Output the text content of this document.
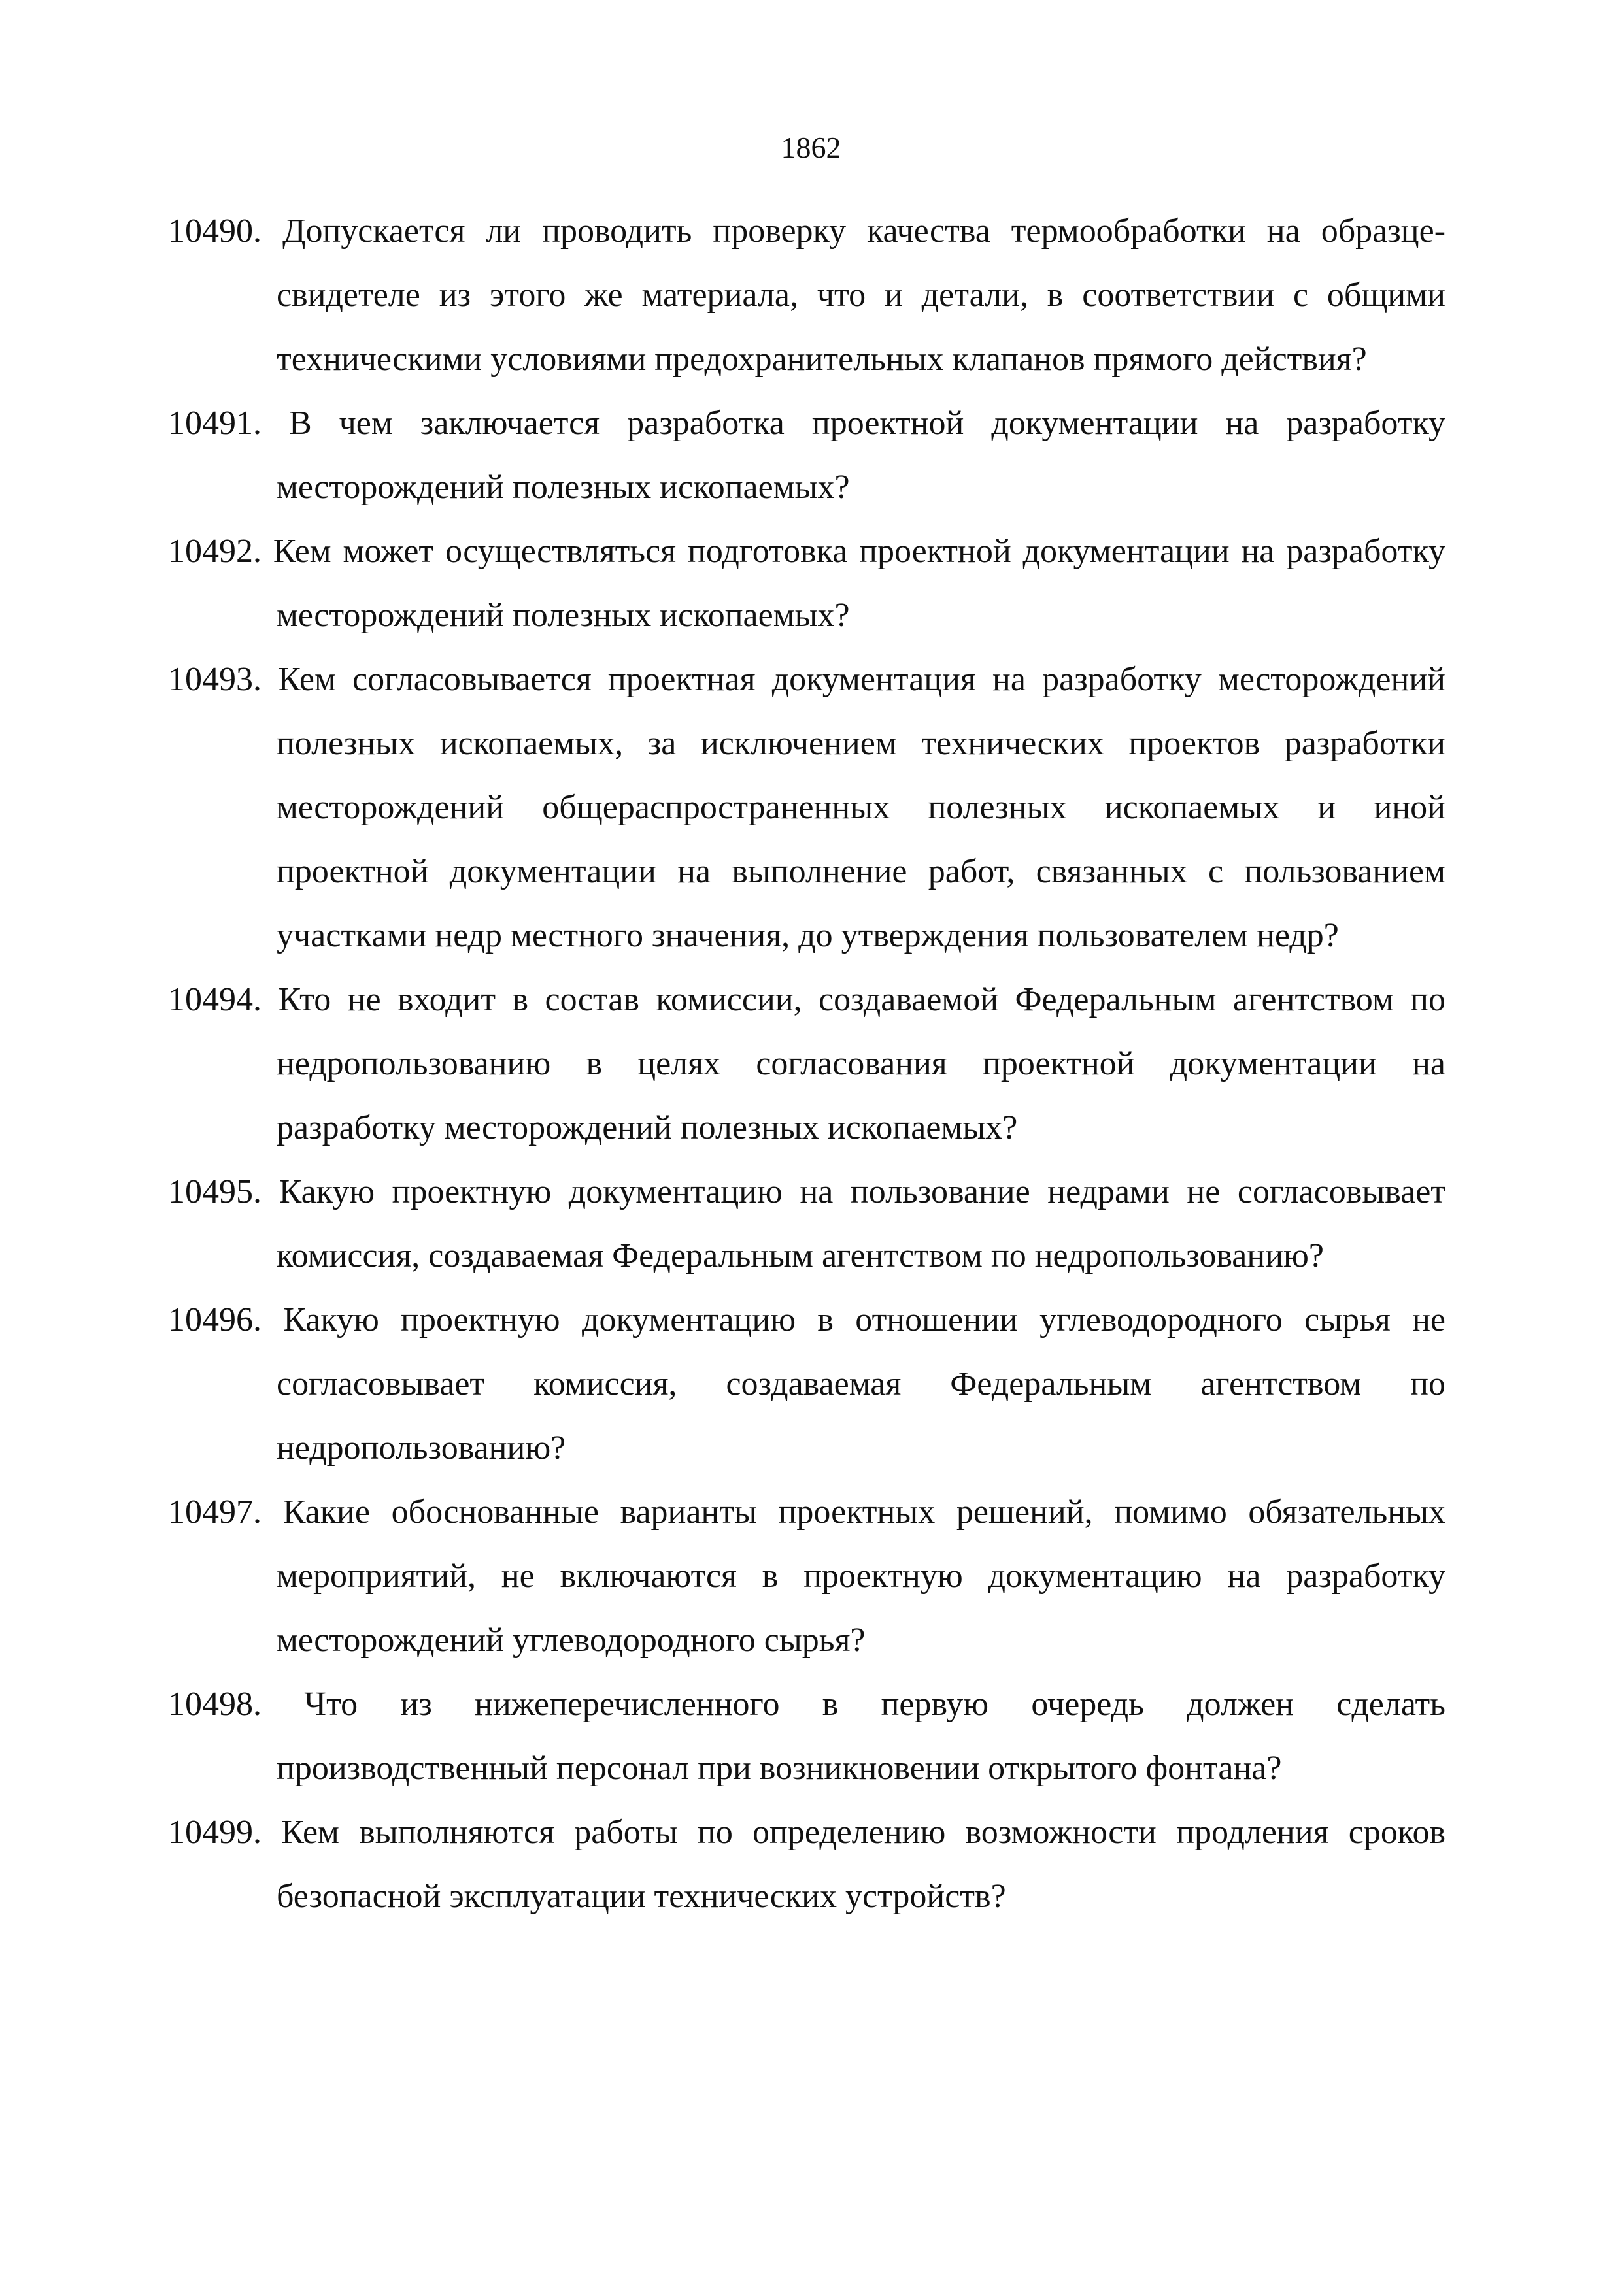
1862

10490. Допускается ли проводить проверку качества термообработки на образце-свидетеле из этого же материала, что и детали, в соответствии с общими техническими условиями предохранительных клапанов прямого действия?

10491. В чем заключается разработка проектной документации на разработку месторождений полезных ископаемых?

10492. Кем может осуществляться подготовка проектной документации на разработку месторождений полезных ископаемых?

10493. Кем согласовывается проектная документация на разработку месторождений полезных ископаемых, за исключением технических проектов разработки месторождений общераспространенных полезных ископаемых и иной проектной документации на выполнение работ, связанных с пользованием участками недр местного значения, до утверждения пользователем недр?

10494. Кто не входит в состав комиссии, создаваемой Федеральным агентством по недропользованию в целях согласования проектной документации на разработку месторождений полезных ископаемых?

10495. Какую проектную документацию на пользование недрами не согласовывает комиссия, создаваемая Федеральным агентством по недропользованию?

10496. Какую проектную документацию в отношении углеводородного сырья не согласовывает комиссия, создаваемая Федеральным агентством по недропользованию?

10497. Какие обоснованные варианты проектных решений, помимо обязательных мероприятий, не включаются в проектную документацию на разработку месторождений углеводородного сырья?

10498. Что из нижеперечисленного в первую очередь должен сделать производственный персонал при возникновении открытого фонтана?

10499. Кем выполняются работы по определению возможности продления сроков безопасной эксплуатации технических устройств?
